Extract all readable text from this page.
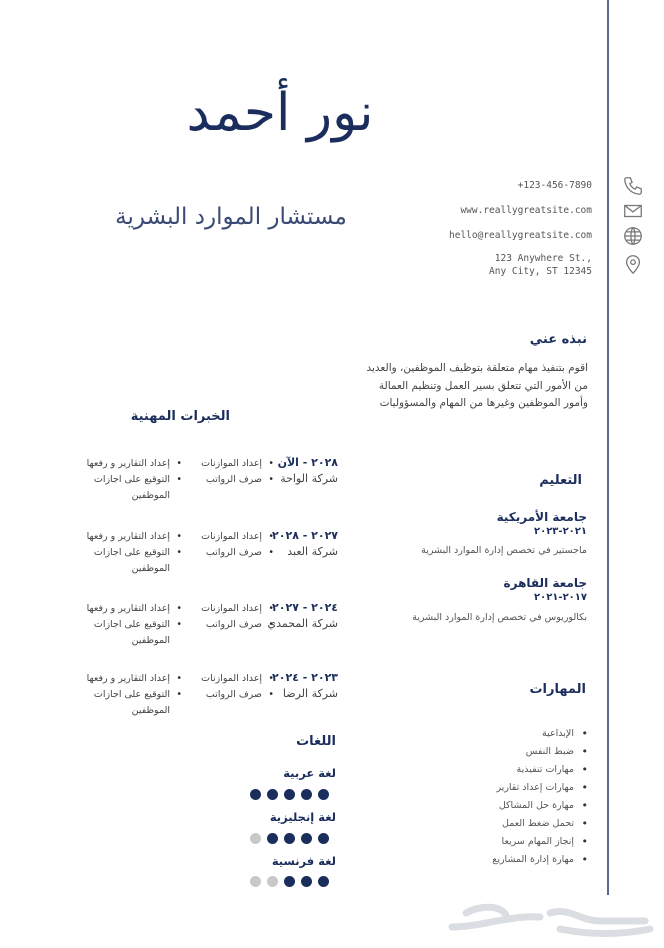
نور أحمد
مستشار الموارد البشرية
+123-456-7890
www.reallygreatsite.com
hello@reallygreatsite.com
123 Anywhere St.,
Any City, ST 12345
نبذه عني
اقوم بتنفيذ مهام متعلقة بتوظيف الموظفين، والعديد من الأمور التي تتعلق بسير العمل وتنظيم العمالة وأمور الموظفين وغيرها من المهام والمسؤوليات
التعليم
جامعة الأمريكية
٢٠٢١-٢٠٢٣
ماجستير في تخصص إدارة الموارد البشرية
جامعة القاهرة
٢٠١٧-٢٠٢١
بكالوريوس في تخصص إدارة الموارد البشرية
المهارات
• الإبداعية
• ضبط النفس
• مهارات تنفيذية
• مهارات إعداد تقارير
• مهارة حل المشاكل
• تحمل ضغط العمل
• إنجاز المهام سريعا
• مهارة إدارة المشاريع
الخبرات المهنية
٢٠٢٨ - الآن
شركة الواحة
• إعداد الموازنات
• صرف الرواتب
• إعداد التقارير و رفعها
• التوقيع على اجازات الموظفين
٢٠٢٧ - ٢٠٢٨
شركة العبد
• إعداد الموازنات
• صرف الرواتب
• إعداد التقارير و رفعها
• التوقيع على اجازات الموظفين
٢٠٢٤ - ٢٠٢٧
شركة المحمدي
• إعداد الموازنات
• صرف الرواتب
• إعداد التقارير و رفعها
• التوقيع على اجازات الموظفين
٢٠٢٣ - ٢٠٢٤
شركة الرضا
• إعداد الموازنات
• صرف الرواتب
• إعداد التقارير و رفعها
• التوقيع على اجازات الموظفين
اللغات
لغة عربية
لغة إنجليزية
لغة فرنسية
